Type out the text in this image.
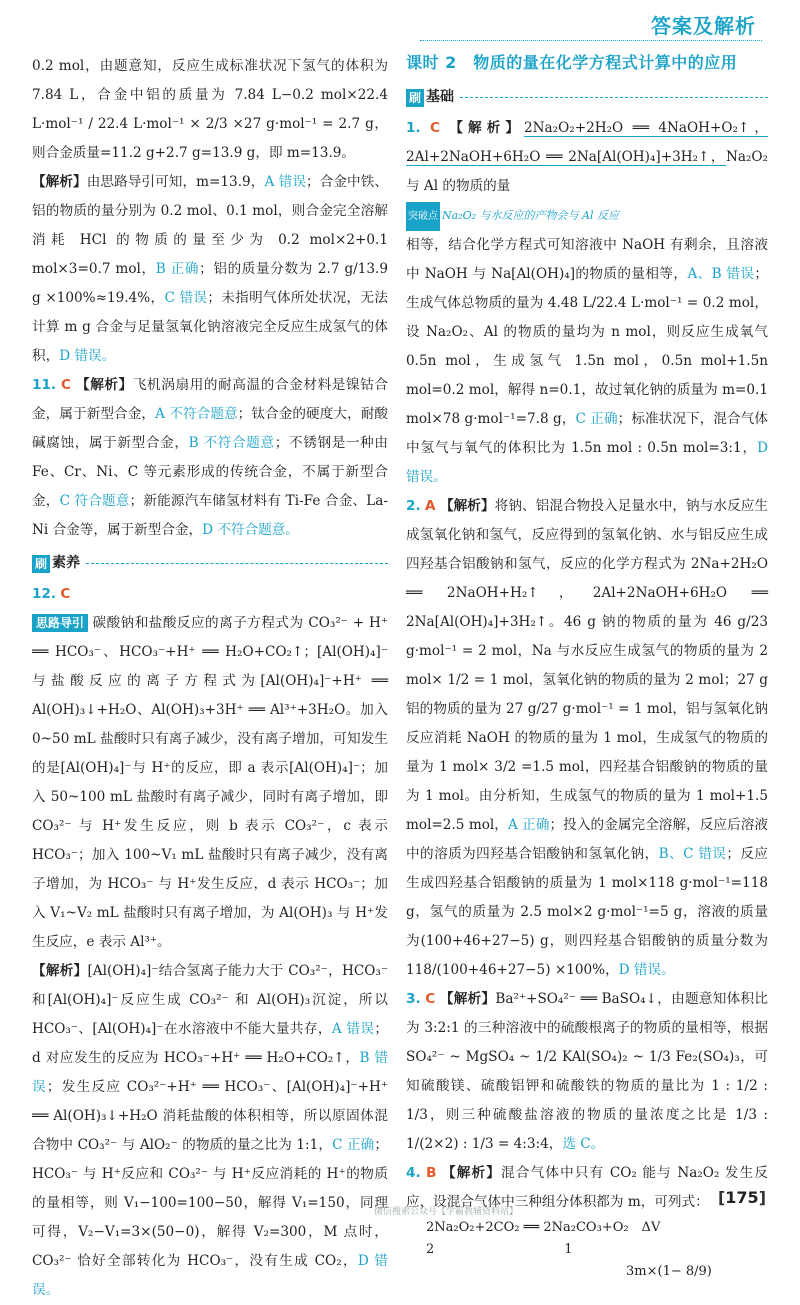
答案及解析

0.2 mol，由题意知，反应生成标准状况下氢气的体积为7.84 L，合金中铝的质量为 7.84 L−0.2 mol×22.4 L·mol⁻¹ / 22.4 L·mol⁻¹ × 2/3 ×27 g·mol⁻¹ = 2.7 g，则合金质量=11.2 g+2.7 g=13.9 g，即 m=13.9。

【解析】由思路导引可知，m=13.9，A 错误；合金中铁、铝的物质的量分别为 0.2 mol、0.1 mol，则合金完全溶解消耗 HCl 的物质的量至少为 0.2 mol×2+0.1 mol×3=0.7 mol，B 正确；铝的质量分数为 2.7 g/13.9 g ×100%≈19.4%，C 错误；未指明气体所处状况，无法计算 m g 合金与足量氢氧化钠溶液完全反应生成氢气的体积，D 错误。

11. C 【解析】飞机涡扇用的耐高温的合金材料是镍钴合金，属于新型合金，A 不符合题意；钛合金的硬度大，耐酸碱腐蚀，属于新型合金，B 不符合题意；不锈钢是一种由 Fe、Cr、Ni、C 等元素形成的传统合金，不属于新型合金，C 符合题意；新能源汽车储氢材料有 Ti-Fe 合金、La-Ni 合金等，属于新型合金，D 不符合题意。

刷 素养

12. C

思路导引 碳酸钠和盐酸反应的离子方程式为 CO₃²⁻ + H⁺ ══ HCO₃⁻、HCO₃⁻+H⁺ ══ H₂O+CO₂↑；[Al(OH)₄]⁻与盐酸反应的离子方程式为[Al(OH)₄]⁻+H⁺ ══ Al(OH)₃↓+H₂O、Al(OH)₃+3H⁺ ══ Al³⁺+3H₂O。加入 0~50 mL 盐酸时只有离子减少，没有离子增加，可知发生的是[Al(OH)₄]⁻与 H⁺的反应，即 a 表示[Al(OH)₄]⁻；加入 50~100 mL 盐酸时有离子减少，同时有离子增加，即 CO₃²⁻ 与 H⁺发生反应，则 b 表示 CO₃²⁻，c 表示 HCO₃⁻；加入 100~V₁ mL 盐酸时只有离子减少，没有离子增加，为 HCO₃⁻ 与 H⁺发生反应，d 表示 HCO₃⁻；加入 V₁~V₂ mL 盐酸时只有离子增加，为 Al(OH)₃ 与 H⁺发生反应，e 表示 Al³⁺。

【解析】[Al(OH)₄]⁻结合氢离子能力大于 CO₃²⁻，HCO₃⁻ 和[Al(OH)₄]⁻反应生成 CO₃²⁻ 和 Al(OH)₃沉淀，所以 HCO₃⁻、[Al(OH)₄]⁻在水溶液中不能大量共存，A 错误；d 对应发生的反应为 HCO₃⁻+H⁺ ══ H₂O+CO₂↑，B 错误；发生反应 CO₃²⁻+H⁺ ══ HCO₃⁻、[Al(OH)₄]⁻+H⁺ ══ Al(OH)₃↓+H₂O 消耗盐酸的体积相等，所以原固体混合物中 CO₃²⁻ 与 AlO₂⁻ 的物质的量之比为 1:1，C 正确；HCO₃⁻ 与 H⁺反应和 CO₃²⁻ 与 H⁺反应消耗的 H⁺的物质的量相等，则 V₁−100=100−50，解得 V₁=150，同理可得，V₂−V₁=3×(50−0)，解得 V₂=300，M 点时，CO₃²⁻ 恰好全部转化为 HCO₃⁻，没有生成 CO₂，D 错误。

课时 2　物质的量在化学方程式计算中的应用
刷 基础

1. C 【解析】2Na₂O₂+2H₂O ══ 4NaOH+O₂↑，2Al+2NaOH+6H₂O ══ 2Na[Al(OH)₄]+3H₂↑，Na₂O₂ 与 Al 的物质的量
突破点 Na₂O₂ 与水反应的产物会与 Al 反应
相等，结合化学方程式可知溶液中 NaOH 有剩余，且溶液中 NaOH 与 Na[Al(OH)₄]的物质的量相等，A、B 错误；生成气体总物质的量为 4.48 L/22.4 L·mol⁻¹ = 0.2 mol，设 Na₂O₂、Al 的物质的量均为 n mol，则反应生成氧气 0.5n mol，生成氢气 1.5n mol，0.5n mol+1.5n mol=0.2 mol，解得 n=0.1，故过氧化钠的质量为 m=0.1 mol×78 g·mol⁻¹=7.8 g，C 正确；标准状况下，混合气体中氢气与氧气的体积比为 1.5n mol : 0.5n mol=3:1，D 错误。

2. A 【解析】将钠、铝混合物投入足量水中，钠与水反应生成氢氧化钠和氢气，反应得到的氢氧化钠、水与铝反应生成四羟基合铝酸钠和氢气，反应的化学方程式为 2Na+2H₂O ══ 2NaOH+H₂↑，2Al+2NaOH+6H₂O ══ 2Na[Al(OH)₄]+3H₂↑。46 g 钠的物质的量为 46 g/23 g·mol⁻¹ = 2 mol，Na 与水反应生成氢气的物质的量为 2 mol× 1/2 = 1 mol，氢氧化钠的物质的量为 2 mol；27 g 铝的物质的量为 27 g/27 g·mol⁻¹ = 1 mol，铝与氢氧化钠反应消耗 NaOH 的物质的量为 1 mol，生成氢气的物质的量为 1 mol× 3/2 =1.5 mol，四羟基合铝酸钠的物质的量为 1 mol。由分析知，生成氢气的物质的量为 1 mol+1.5 mol=2.5 mol，A 正确；投入的金属完全溶解，反应后溶液中的溶质为四羟基合铝酸钠和氢氧化钠，B、C 错误；反应生成四羟基合铝酸钠的质量为 1 mol×118 g·mol⁻¹=118 g，氢气的质量为 2.5 mol×2 g·mol⁻¹=5 g，溶液的质量为(100+46+27−5) g，则四羟基合铝酸钠的质量分数为 118/(100+46+27−5) ×100%，D 错误。

3. C 【解析】Ba²⁺+SO₄²⁻ ══ BaSO₄↓，由题意知体积比为 3:2:1 的三种溶液中的硫酸根离子的物质的量相等，根据 SO₄²⁻ ~ MgSO₄ ~ 1/2 KAl(SO₄)₂ ~ 1/3 Fe₂(SO₄)₃，可知硫酸镁、硫酸铝钾和硫酸铁的物质的量比为 1 : 1/2 : 1/3，则三种硫酸盐溶液的物质的量浓度之比是 1/3 : 1/(2×2) : 1/3 = 4:3:4，选 C。

4. B 【解析】混合气体中只有 CO₂ 能与 Na₂O₂ 发生反应，设混合气体中三种组分体积都为 m，可列式：

2Na₂O₂+2CO₂ ══ 2Na₂CO₃+O₂　ΔV
2　　　　　　　　　　1
3m×(1− 8/9)
微信搜索公众号【学霸教辅资料站】
[175]
